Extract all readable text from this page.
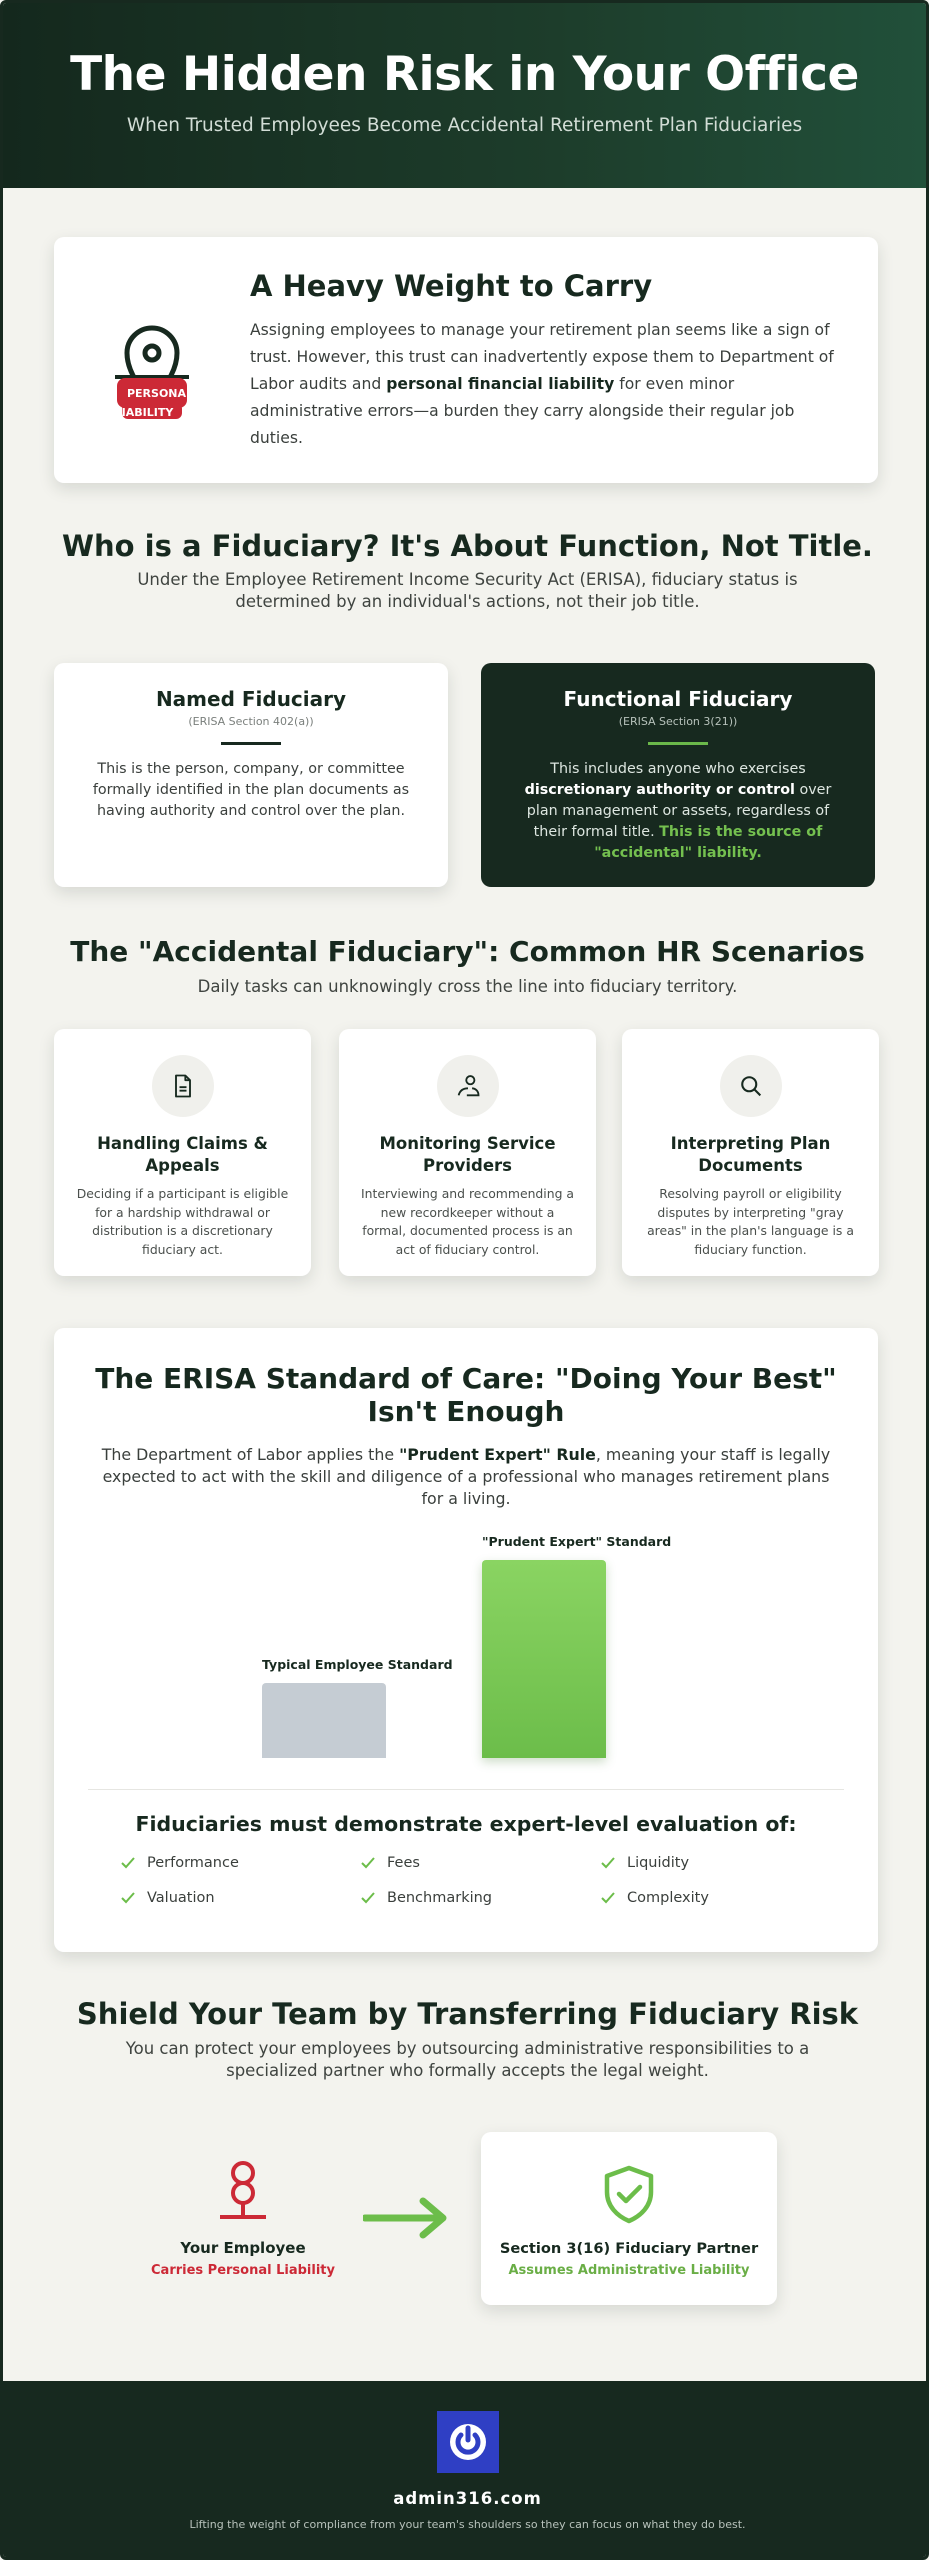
The Hidden Risk in Your Office
When Trusted Employees Become Accidental Retirement Plan Fiduciaries
PERSONAL
LIABILITY
A Heavy Weight to Carry

Assigning employees to manage your retirement plan seems like a sign of trust. However, this trust can inadvertently expose them to Department of Labor audits and personal financial liability for even minor administrative errors—a burden they carry alongside their regular job duties.

Who is a Fiduciary? It's About Function, Not Title.
Under the Employee Retirement Income Security Act (ERISA), fiduciary status is determined by an individual's actions, not their job title.
Named Fiduciary
(ERISA Section 402(a))

This is the person, company, or committee formally identified in the plan documents as having authority and control over the plan.

Functional Fiduciary
(ERISA Section 3(21))

This includes anyone who exercises discretionary authority or control over plan management or assets, regardless of their formal title. This is the source of "accidental" liability.

The "Accidental Fiduciary": Common HR Scenarios
Daily tasks can unknowingly cross the line into fiduciary territory.
Handling Claims & Appeals

Deciding if a participant is eligible for a hardship withdrawal or distribution is a discretionary fiduciary act.

Monitoring Service Providers

Interviewing and recommending a new recordkeeper without a formal, documented process is an act of fiduciary control.

Interpreting Plan Documents

Resolving payroll or eligibility disputes by interpreting "gray areas" in the plan's language is a fiduciary function.

The ERISA Standard of Care: "Doing Your Best" Isn't Enough

The Department of Labor applies the "Prudent Expert" Rule, meaning your staff is legally expected to act with the skill and diligence of a professional who manages retirement plans for a living.

Typical Employee Standard
"Prudent Expert" Standard
Fiduciaries must demonstrate expert-level evaluation of:
Performance	Fees	Liquidity
Valuation	Benchmarking	Complexity
Shield Your Team by Transferring Fiduciary Risk
You can protect your employees by outsourcing administrative responsibilities to a specialized partner who formally accepts the legal weight.
Your Employee
Carries Personal Liability
Section 3(16) Fiduciary Partner
Assumes Administrative Liability
admin316.com
Lifting the weight of compliance from your team's shoulders so they can focus on what they do best.
